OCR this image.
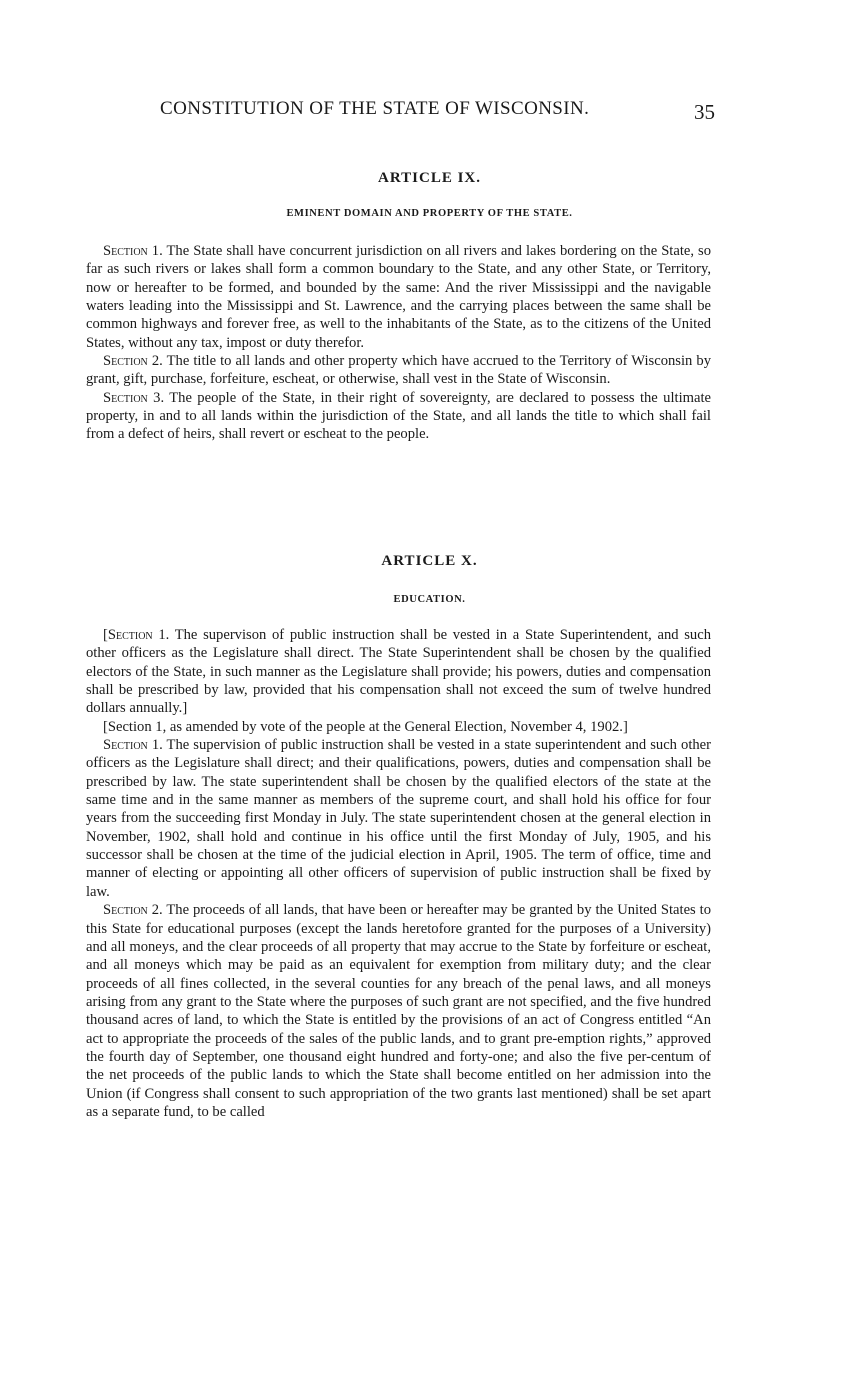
CONSTITUTION OF THE STATE OF WISCONSIN.	35
ARTICLE IX.
EMINENT DOMAIN AND PROPERTY OF THE STATE.

Section 1. The State shall have concurrent jurisdiction on all rivers and lakes bordering on the State, so far as such rivers or lakes shall form a common boundary to the State, and any other State, or Territory, now or hereafter to be formed, and bounded by the same: And the river Mississippi and the navigable waters leading into the Mississippi and St. Lawrence, and the carrying places between the same shall be common highways and forever free, as well to the inhabitants of the State, as to the citizens of the United States, without any tax, impost or duty therefor.

Section 2. The title to all lands and other property which have accrued to the Territory of Wisconsin by grant, gift, purchase, forfeiture, escheat, or otherwise, shall vest in the State of Wisconsin.

Section 3. The people of the State, in their right of sovereignty, are declared to possess the ultimate property, in and to all lands within the jurisdiction of the State, and all lands the title to which shall fail from a defect of heirs, shall revert or escheat to the people.

ARTICLE X.
EDUCATION.

[Section 1. The supervison of public instruction shall be vested in a State Superintendent, and such other officers as the Legislature shall direct. The State Superintendent shall be chosen by the qualified electors of the State, in such manner as the Legislature shall provide; his powers, duties and compensation shall be prescribed by law, provided that his compensation shall not exceed the sum of twelve hundred dollars annually.]

[Section 1, as amended by vote of the people at the General Election, November 4, 1902.]

Section 1. The supervision of public instruction shall be vested in a state superintendent and such other officers as the Legislature shall direct; and their qualifications, powers, duties and compensation shall be prescribed by law. The state superintendent shall be chosen by the qualified electors of the state at the same time and in the same manner as members of the supreme court, and shall hold his office for four years from the succeeding first Monday in July. The state superintendent chosen at the general election in November, 1902, shall hold and continue in his office until the first Monday of July, 1905, and his successor shall be chosen at the time of the judicial election in April, 1905. The term of office, time and manner of electing or appointing all other officers of supervision of public instruction shall be fixed by law.

Section 2. The proceeds of all lands, that have been or hereafter may be granted by the United States to this State for educational purposes (except the lands heretofore granted for the purposes of a University) and all moneys, and the clear proceeds of all property that may accrue to the State by forfeiture or escheat, and all moneys which may be paid as an equivalent for exemption from military duty; and the clear proceeds of all fines collected, in the several counties for any breach of the penal laws, and all moneys arising from any grant to the State where the purposes of such grant are not specified, and the five hundred thousand acres of land, to which the State is entitled by the provisions of an act of Congress entitled “An act to appropriate the proceeds of the sales of the public lands, and to grant pre-emption rights,” approved the fourth day of September, one thousand eight hundred and forty-one; and also the five per-centum of the net proceeds of the public lands to which the State shall become entitled on her admission into the Union (if Congress shall consent to such appropriation of the two grants last mentioned) shall be set apart as a separate fund, to be called
